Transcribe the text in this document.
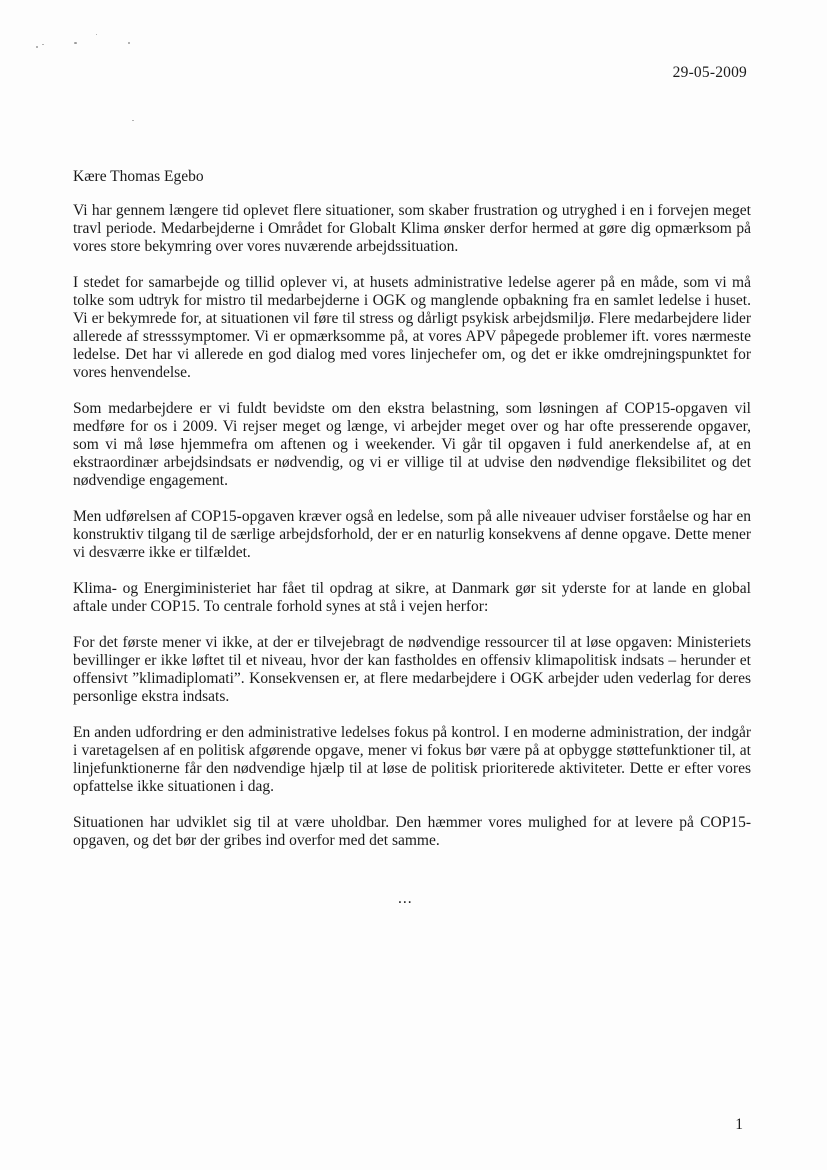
29-05-2009

Kære Thomas Egebo

Vi har gennem længere tid oplevet flere situationer, som skaber frustration og utryghed i en i forvejen meget travl periode. Medarbejderne i Området for Globalt Klima ønsker derfor hermed at gøre dig opmærksom på vores store bekymring over vores nuværende arbejdssituation.

I stedet for samarbejde og tillid oplever vi, at husets administrative ledelse agerer på en måde, som vi må tolke som udtryk for mistro til medarbejderne i OGK og manglende opbakning fra en samlet ledelse i huset. Vi er bekymrede for, at situationen vil føre til stress og dårligt psykisk arbejdsmiljø. Flere medarbejdere lider allerede af stresssymptomer. Vi er opmærksomme på, at vores APV påpegede problemer ift. vores nærmeste ledelse. Det har vi allerede en god dialog med vores linjechefer om, og det er ikke omdrejningspunktet for vores henvendelse.

Som medarbejdere er vi fuldt bevidste om den ekstra belastning, som løsningen af COP15-opgaven vil medføre for os i 2009. Vi rejser meget og længe, vi arbejder meget over og har ofte presserende opgaver, som vi må løse hjemmefra om aftenen og i weekender. Vi går til opgaven i fuld anerkendelse af, at en ekstraordinær arbejdsindsats er nødvendig, og vi er villige til at udvise den nødvendige fleksibilitet og det nødvendige engagement.

Men udførelsen af COP15-opgaven kræver også en ledelse, som på alle niveauer udviser forståelse og har en konstruktiv tilgang til de særlige arbejdsforhold, der er en naturlig konsekvens af denne opgave. Dette mener vi desværre ikke er tilfældet.

Klima- og Energiministeriet har fået til opdrag at sikre, at Danmark gør sit yderste for at lande en global aftale under COP15. To centrale forhold synes at stå i vejen herfor:

For det første mener vi ikke, at der er tilvejebragt de nødvendige ressourcer til at løse opgaven: Ministeriets bevillinger er ikke løftet til et niveau, hvor der kan fastholdes en offensiv klimapolitisk indsats – herunder et offensivt ”klimadiplomati”. Konsekvensen er, at flere medarbejdere i OGK arbejder uden vederlag for deres personlige ekstra indsats.

En anden udfordring er den administrative ledelses fokus på kontrol. I en moderne administration, der indgår i varetagelsen af en politisk afgørende opgave, mener vi fokus bør være på at opbygge støttefunktioner til, at linjefunktionerne får den nødvendige hjælp til at løse de politisk prioriterede aktiviteter. Dette er efter vores opfattelse ikke situationen i dag.

Situationen har udviklet sig til at være uholdbar. Den hæmmer vores mulighed for at levere på COP15-opgaven, og det bør der gribes ind overfor med det samme.

...
1
